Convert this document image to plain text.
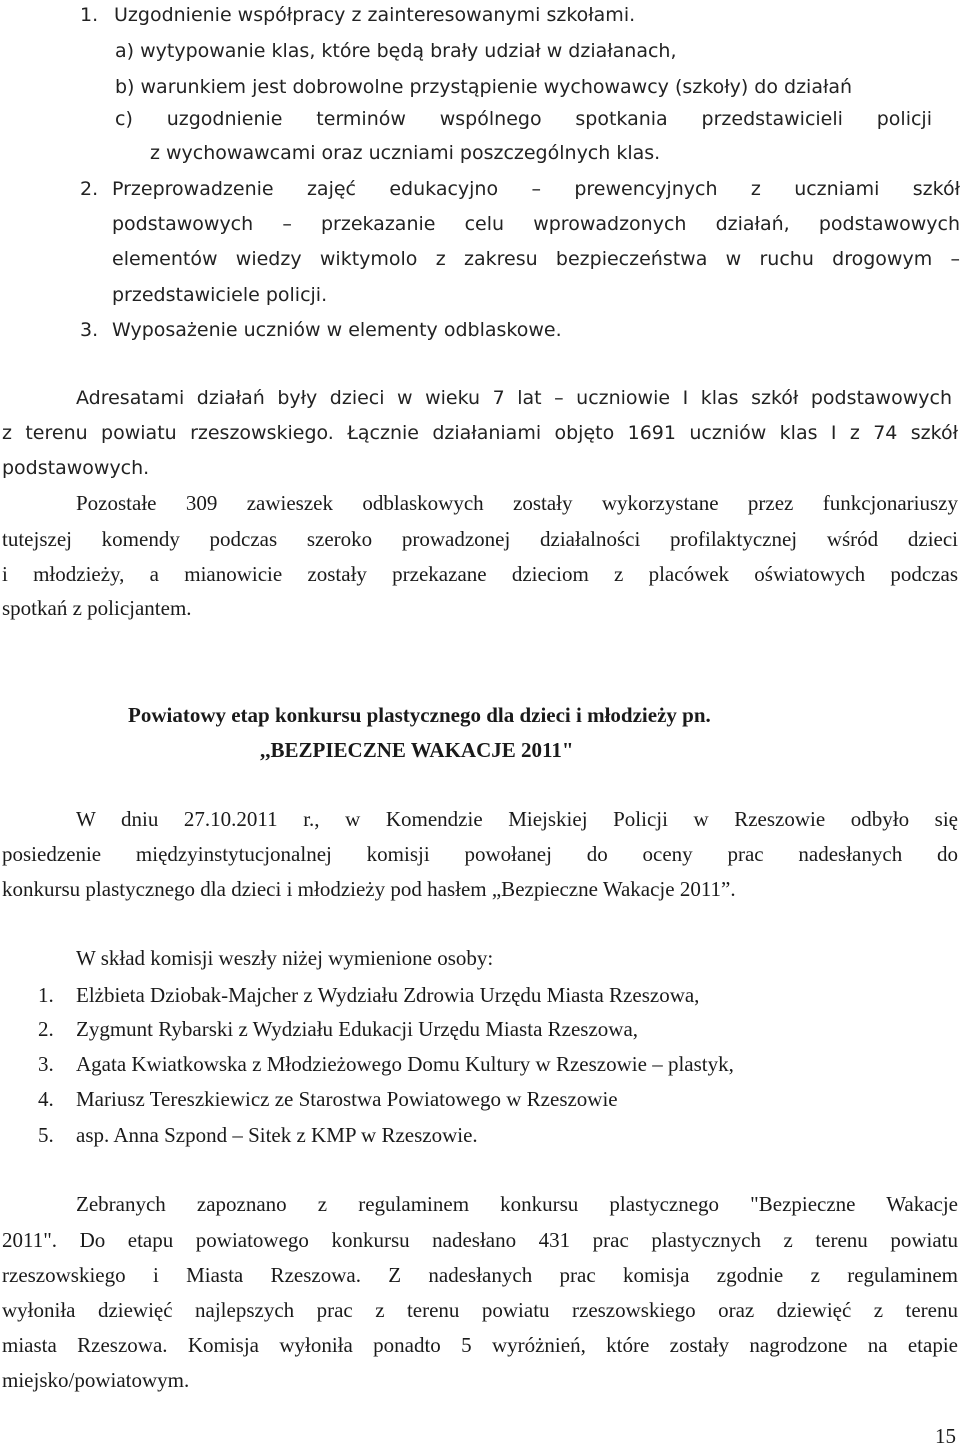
1. Uzgodnienie współpracy z zainteresowanymi szkołami.
a) wytypowanie klas, które będą brały udział w działanach,
b) warunkiem jest dobrowolne przystąpienie wychowawcy (szkoły) do działań
c) uzgodnienie terminów wspólnego spotkania przedstawicieli policji
z wychowawcami oraz uczniami poszczególnych klas.
2. Przeprowadzenie zajęć edukacyjno – prewencyjnych z uczniami szkół
podstawowych – przekazanie celu wprowadzonych działań, podstawowych
elementów wiedzy wiktymolo z zakresu bezpieczeństwa w ruchu drogowym –
przedstawiciele policji.
3. Wyposażenie uczniów w elementy odblaskowe.
Adresatami działań były dzieci w wieku 7 lat – uczniowie I klas szkół podstawowych
z terenu powiatu rzeszowskiego. Łącznie działaniami objęto 1691 uczniów klas I z 74 szkół
podstawowych.
Pozostałe 309 zawieszek odblaskowych zostały wykorzystane przez funkcjonariuszy
tutejszej komendy podczas szeroko prowadzonej działalności profilaktycznej wśród dzieci
i młodzieży, a mianowicie zostały przekazane dzieciom z placówek oświatowych podczas
spotkań z policjantem.
Powiatowy etap konkursu plastycznego dla dzieci i młodzieży pn.
,,BEZPIECZNE WAKACJE 2011"
W dniu 27.10.2011 r., w Komendzie Miejskiej Policji w Rzeszowie odbyło się
posiedzenie międzyinstytucjonalnej komisji powołanej do oceny prac nadesłanych do
konkursu plastycznego dla dzieci i młodzieży pod hasłem „Bezpieczne Wakacje 2011”.
W skład komisji weszły niżej wymienione osoby:
1. Elżbieta Dziobak-Majcher z Wydziału Zdrowia Urzędu Miasta Rzeszowa,
2. Zygmunt Rybarski z Wydziału Edukacji Urzędu Miasta Rzeszowa,
3. Agata Kwiatkowska z Młodzieżowego Domu Kultury w Rzeszowie – plastyk,
4. Mariusz Tereszkiewicz ze Starostwa Powiatowego w Rzeszowie
5. asp. Anna Szpond – Sitek z KMP w Rzeszowie.
Zebranych zapoznano z regulaminem konkursu plastycznego "Bezpieczne Wakacje
2011". Do etapu powiatowego konkursu nadesłano 431 prac plastycznych z terenu powiatu
rzeszowskiego i Miasta Rzeszowa. Z nadesłanych prac komisja zgodnie z regulaminem
wyłoniła dziewięć najlepszych prac z terenu powiatu rzeszowskiego oraz dziewięć z terenu
miasta Rzeszowa. Komisja wyłoniła ponadto 5 wyróżnień, które zostały nagrodzone na etapie
miejsko/powiatowym.
15
